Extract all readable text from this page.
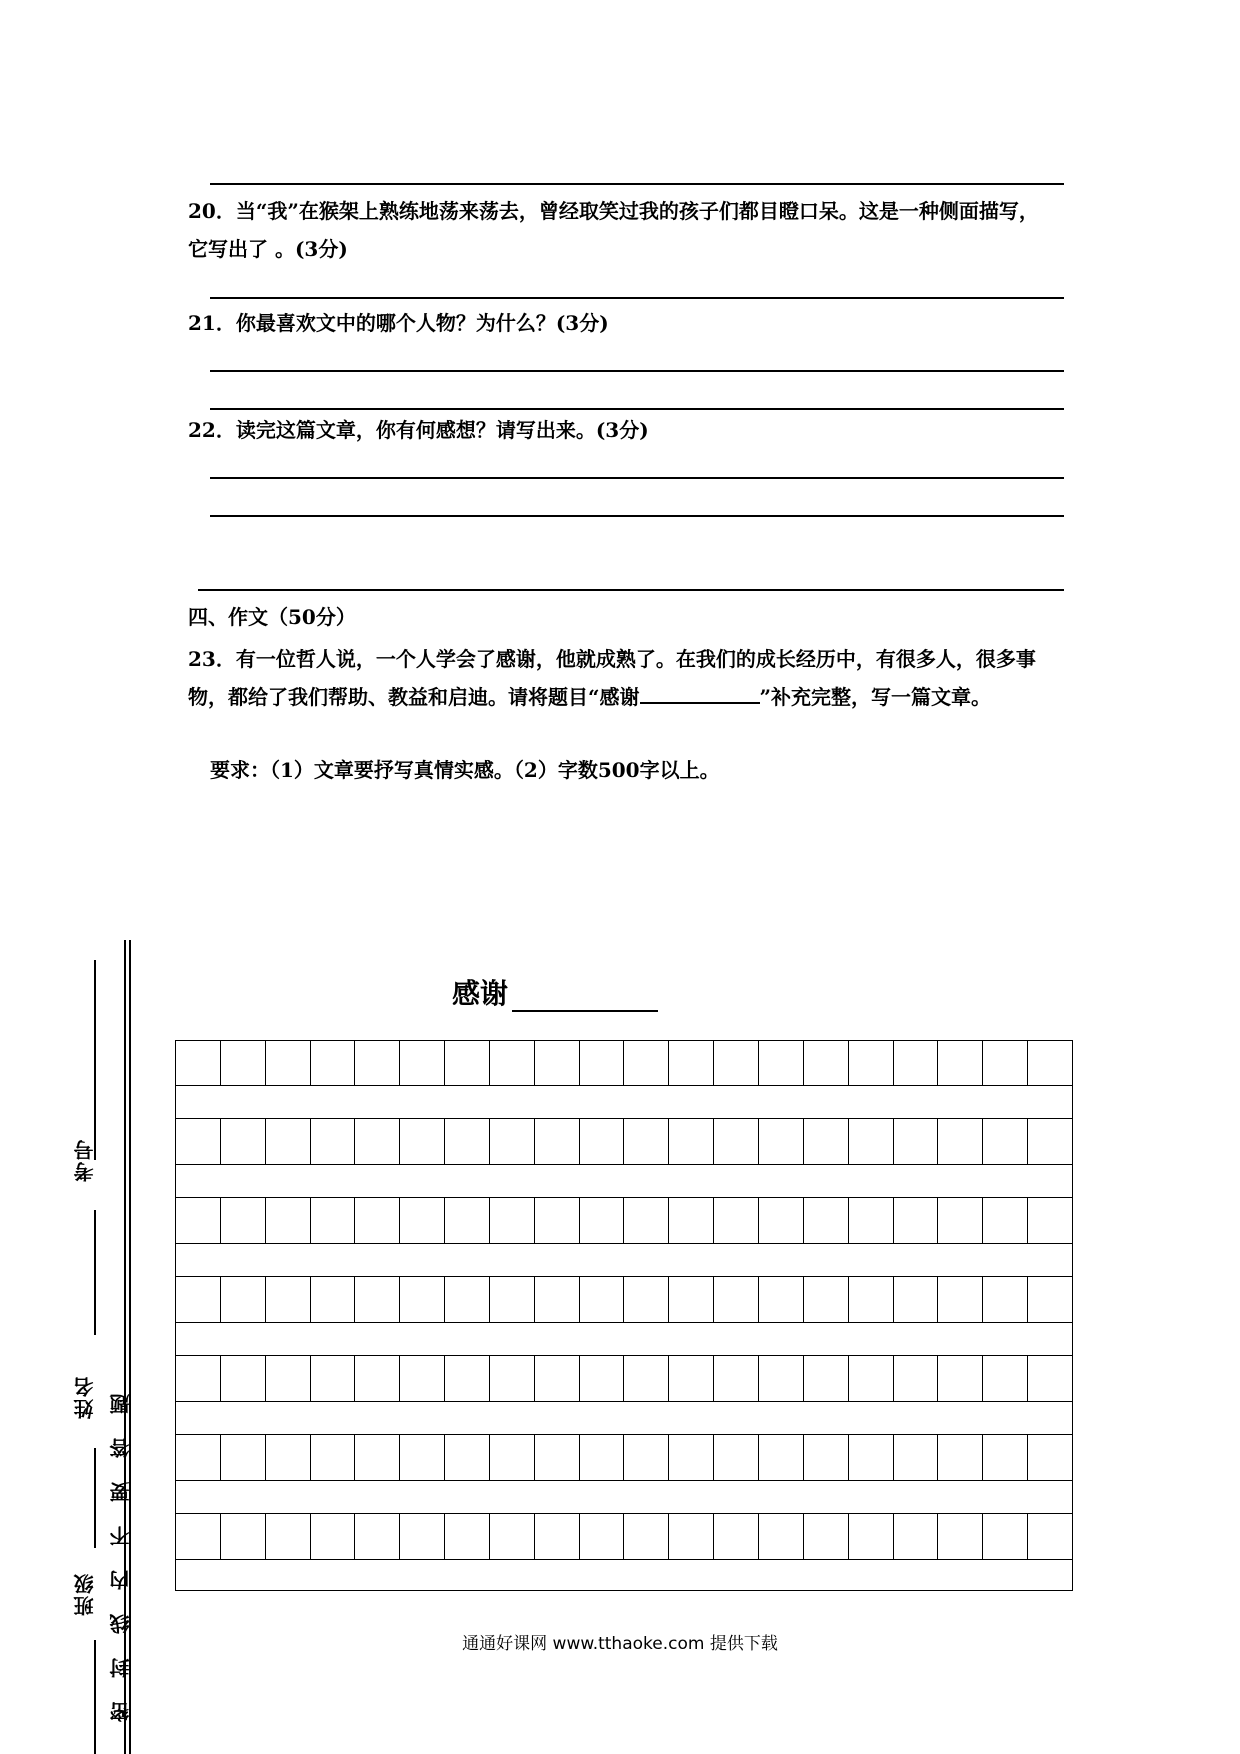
20．当“我”在猴架上熟练地荡来荡去，曾经取笑过我的孩子们都目瞪口呆。这是一种侧面描写，它写出了 。(3分)
21．你最喜欢文中的哪个人物？为什么？(3分)
22．读完这篇文章，你有何感想？请写出来。(3分)
四、作文（50分）
23．有一位哲人说，一个人学会了感谢，他就成熟了。在我们的成长经历中，有很多人，很多事物，都给了我们帮助、教益和启迪。请将题目“感谢	”补充完整，写一篇文章。
要求：（1）文章要抒写真情实感。（2）字数500字以上。
感谢
考号
姓名
班级 密封线内不要答题	通通好课网 www.tthaoke.com 提供下载
